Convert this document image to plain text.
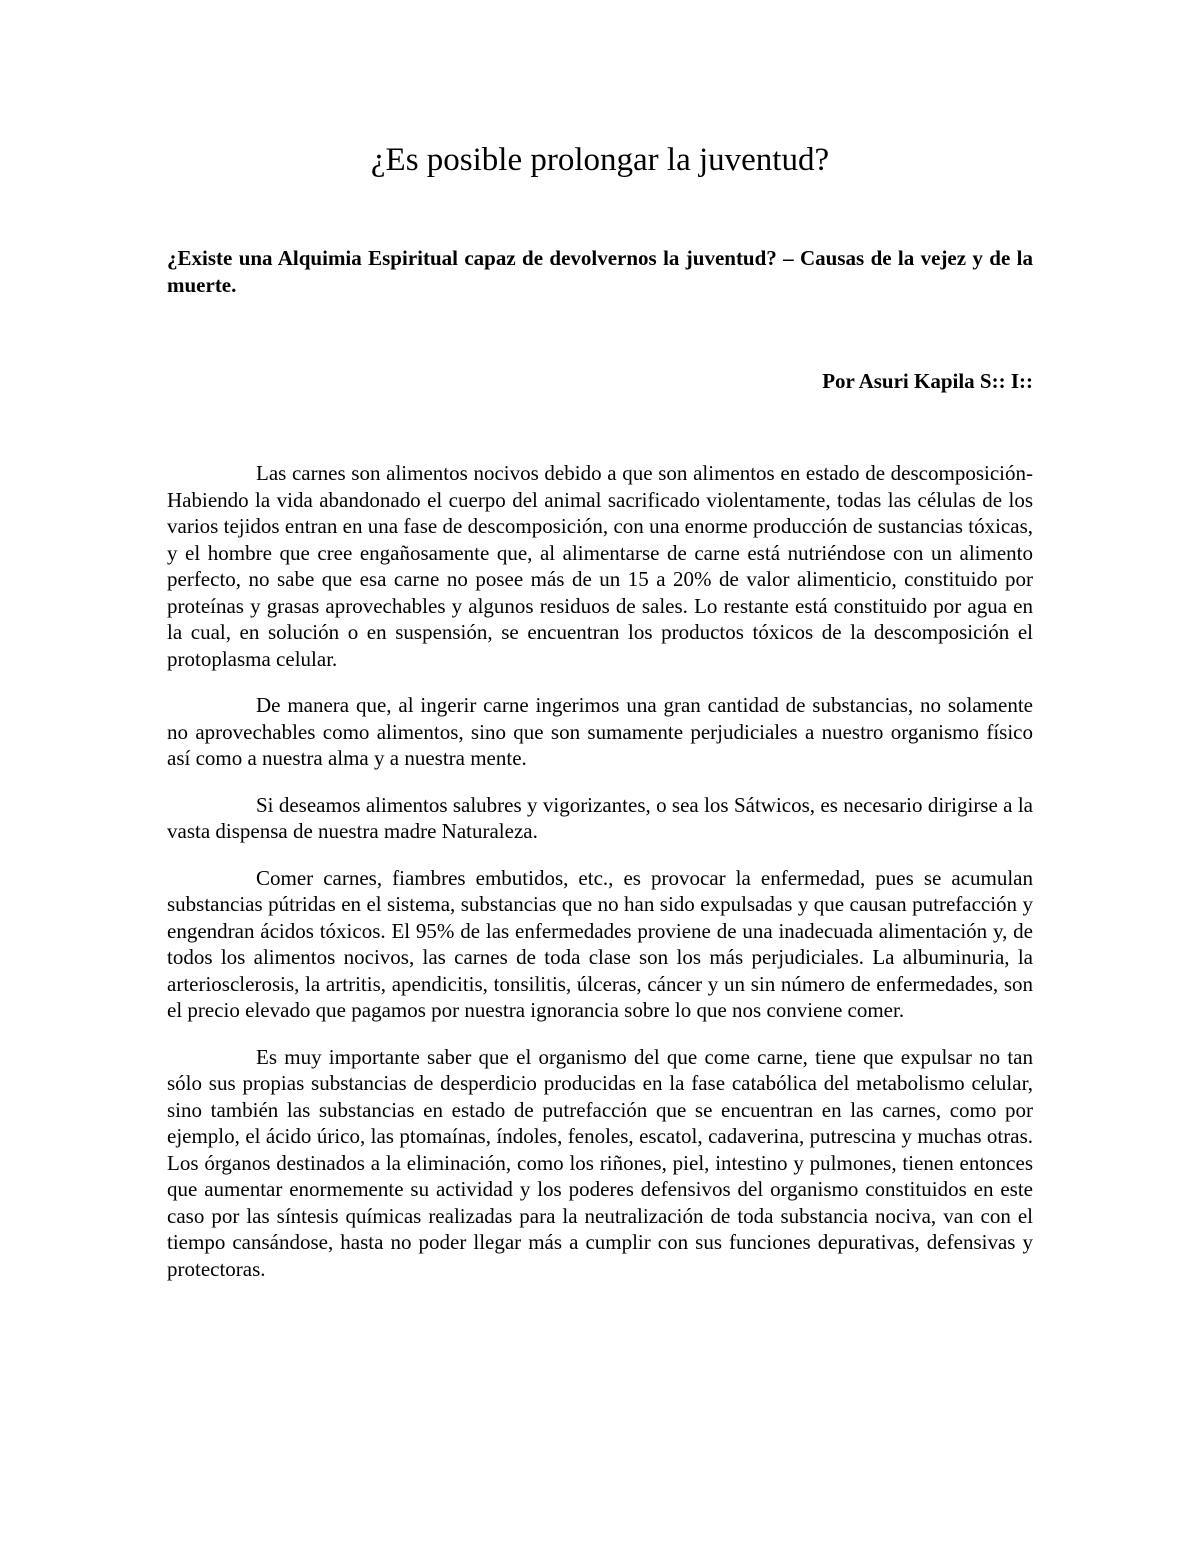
¿Es posible prolongar la juventud?

¿Existe una Alquimia Espiritual capaz de devolvernos la juventud? – Causas de la vejez y de la muerte.

Por Asuri Kapila S:: I::

Las carnes son alimentos nocivos debido a que son alimentos en estado de descomposición- Habiendo la vida abandonado el cuerpo del animal sacrificado violentamente, todas las células de los varios tejidos entran en una fase de descomposición, con una enorme producción de sustancias tóxicas, y el hombre que cree engañosamente que, al alimentarse de carne está nutriéndose con un alimento perfecto, no sabe que esa carne no posee más de un 15 a 20% de valor alimenticio, constituido por proteínas y grasas aprovechables y algunos residuos de sales. Lo restante está constituido por agua en la cual, en solución o en suspensión, se encuentran los productos tóxicos de la descomposición el protoplasma celular.

De manera que, al ingerir carne ingerimos una gran cantidad de substancias, no solamente no aprovechables como alimentos, sino que son sumamente perjudiciales a nuestro organismo físico así como a nuestra alma y a nuestra mente.

Si deseamos alimentos salubres y vigorizantes, o sea los Sátwicos, es necesario dirigirse a la vasta dispensa de nuestra madre Naturaleza.

Comer carnes, fiambres embutidos, etc., es provocar la enfermedad, pues se acumulan substancias pútridas en el sistema, substancias que no han sido expulsadas y que causan putrefacción y engendran ácidos tóxicos. El 95% de las enfermedades proviene de una inadecuada alimentación y, de todos los alimentos nocivos, las carnes de toda clase son los más perjudiciales. La albuminuria, la arteriosclerosis, la artritis, apendicitis, tonsilitis, úlceras, cáncer y un sin número de enfermedades, son el precio elevado que pagamos por nuestra ignorancia sobre lo que nos conviene comer.

Es muy importante saber que el organismo del que come carne, tiene que expulsar no tan sólo sus propias substancias de desperdicio producidas en la fase catabólica del metabolismo celular, sino también las substancias en estado de putrefacción que se encuentran en las carnes, como por ejemplo, el ácido úrico, las ptomaínas, índoles, fenoles, escatol, cadaverina, putrescina y muchas otras. Los órganos destinados a la eliminación, como los riñones, piel, intestino y pulmones, tienen entonces que aumentar enormemente su actividad y los poderes defensivos del organismo constituidos en este caso por las síntesis químicas realizadas para la neutralización de toda substancia nociva, van con el tiempo cansándose, hasta no poder llegar más a cumplir con sus funciones depurativas, defensivas y protectoras.
